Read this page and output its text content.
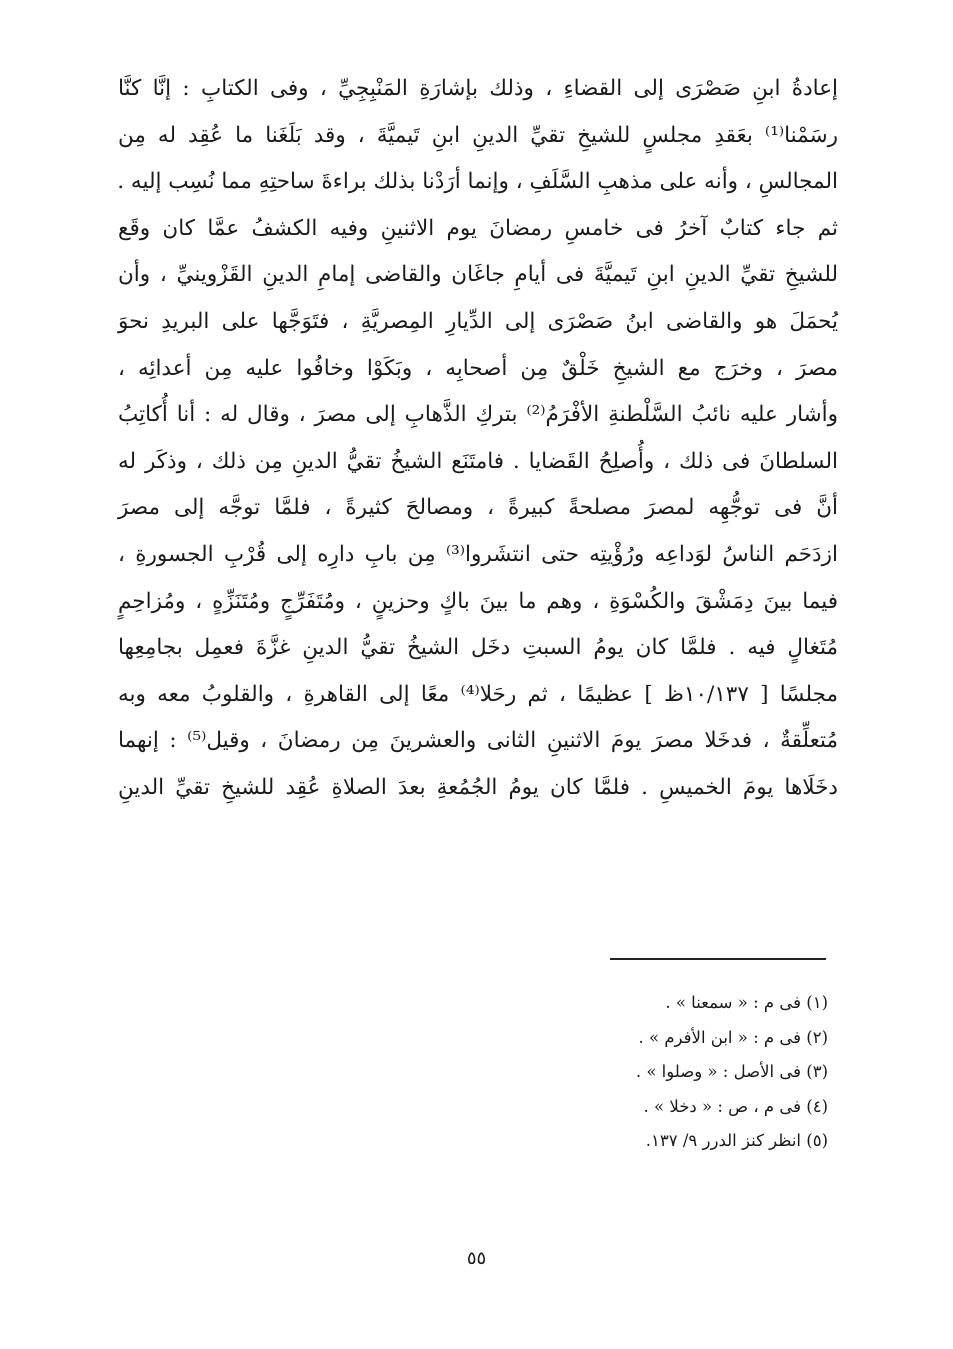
إعادةُ ابنِ صَصْرَى إلى القضاءِ ، وذلك بإشارَةِ المَنْبِجِيِّ ، وفى الكتابِ : إنَّا كنَّا
رسَمْنا⁽¹⁾ بعَقدِ مجلسٍ للشيخِ تقيِّ الدينِ ابنِ تَيميَّةَ ، وقد بَلَغَنا ما عُقِد له مِن
المجالسِ ، وأنه على مذهبِ السَّلَفِ ، وإنما أرَدْنا بذلك براءةَ ساحتِهِ مما نُسِب إليه .
ثم جاء كتابٌ آخرُ فى خامسِ رمضانَ يوم الاثنينِ وفيه الكشفُ عمَّا كان وقَع
للشيخِ تقيِّ الدينِ ابنِ تَيميَّةَ فى أيامِ جاغَان والقاضى إمامِ الدينِ القَزْوينيِّ ، وأن
يُحمَلَ هو والقاضى ابنُ صَصْرَى إلى الدِّيارِ المِصريَّةِ ، فتَوَجَّها على البريدِ نحوَ
مصرَ ، وخرَج مع الشيخِ خَلْقٌ مِن أصحابِه ، وبَكَوْا وخافُوا عليه مِن أعدائِه ،
وأشار عليه نائبُ السَّلْطنةِ الأفْرَمُ⁽²⁾ بتركِ الذَّهابِ إلى مصرَ ، وقال له : أنا أُكاتِبُ
السلطانَ فى ذلك ، وأُصلِحُ القَضايا . فامتَنَع الشيخُ تقيُّ الدينِ مِن ذلك ، وذكَر له
أنَّ فى توجُّهِه لمصرَ مصلحةً كبيرةً ، ومصالحَ كثيرةً ، فلمَّا توجَّه إلى مصرَ
ازدَحَم الناسُ لوَداعِه ورُؤْيتِه حتى انتشَروا⁽³⁾ مِن بابِ دارِه إلى قُرْبِ الجسورةِ ،
فيما بينَ دِمَشْقَ والكُسْوَةِ ، وهم ما بينَ باكٍ وحزينٍ ، ومُتَفَرِّجٍ ومُتَنَزِّهٍ ، ومُزاحِمٍ
مُتَغالٍ فيه . فلمَّا كان يومُ السبتِ دخَل الشيخُ تقيُّ الدينِ غزَّةَ فعمِل بجامِعِها
مجلسًا [ ١٠/١٣٧ظ ] عظيمًا ، ثم رحَلا⁽⁴⁾ معًا إلى القاهرةِ ، والقلوبُ معه وبه
مُتعلِّقةٌ ، فدخَلا مصرَ يومَ الاثنينِ الثانى والعشرينَ مِن رمضانَ ، وقيل⁽⁵⁾ : إنهما
دخَلَاها يومَ الخميسِ . فلمَّا كان يومُ الجُمُعةِ بعدَ الصلاةِ عُقِد للشيخِ تقيِّ الدينِ
(١) فى م : « سمعنا » .
(٢) فى م : « ابن الأفرم » .
(٣) فى الأصل : « وصلوا » .
(٤) فى م ، ص : « دخلا » .
(٥) انظر كنز الدرر ٩/ ١٣٧.
٥٥
